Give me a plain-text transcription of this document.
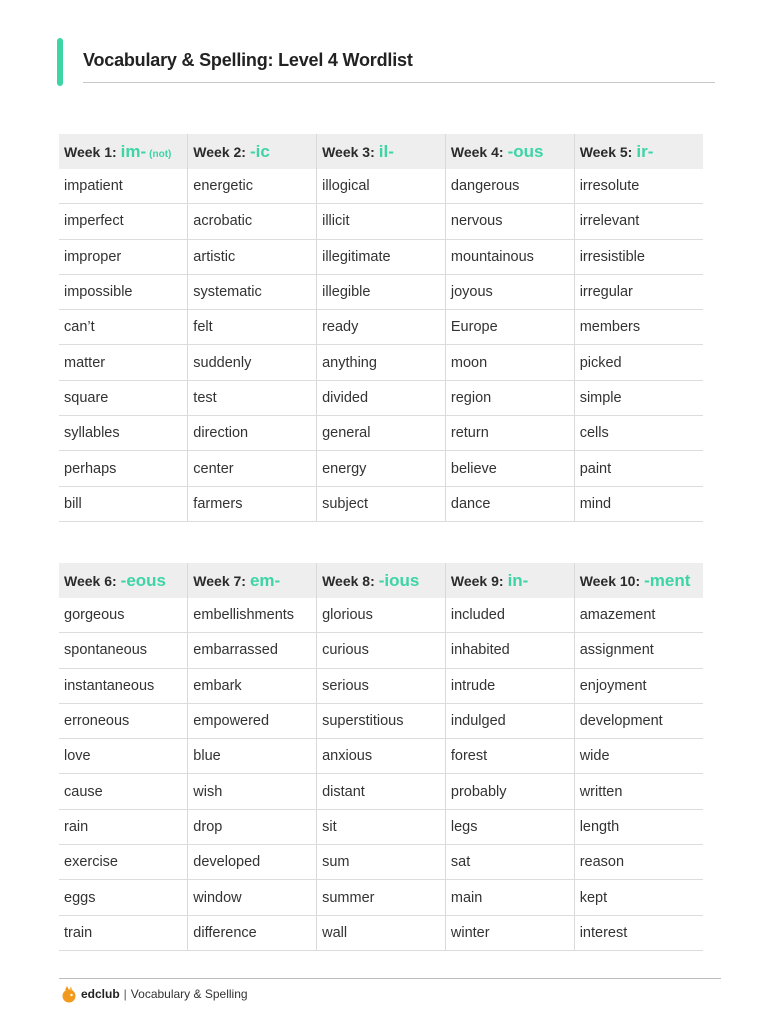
Vocabulary & Spelling: Level 4 Wordlist
Week 1: im- (not)	Week 2: -ic	Week 3: il-	Week 4: -ous	Week 5: ir-
impatient	energetic	illogical	dangerous	irresolute
imperfect	acrobatic	illicit	nervous	irrelevant
improper	artistic	illegitimate	mountainous	irresistible
impossible	systematic	illegible	joyous	irregular
can’t	felt	ready	Europe	members
matter	suddenly	anything	moon	picked
square	test	divided	region	simple
syllables	direction	general	return	cells
perhaps	center	energy	believe	paint
bill	farmers	subject	dance	mind
Week 6: -eous	Week 7: em-	Week 8: -ious	Week 9: in-	Week 10: -ment
gorgeous	embellishments	glorious	included	amazement
spontaneous	embarrassed	curious	inhabited	assignment
instantaneous	embark	serious	intrude	enjoyment
erroneous	empowered	superstitious	indulged	development
love	blue	anxious	forest	wide
cause	wish	distant	probably	written
rain	drop	sit	legs	length
exercise	developed	sum	sat	reason
eggs	window	summer	main	kept
train	difference	wall	winter	interest
edclub | Vocabulary & Spelling
